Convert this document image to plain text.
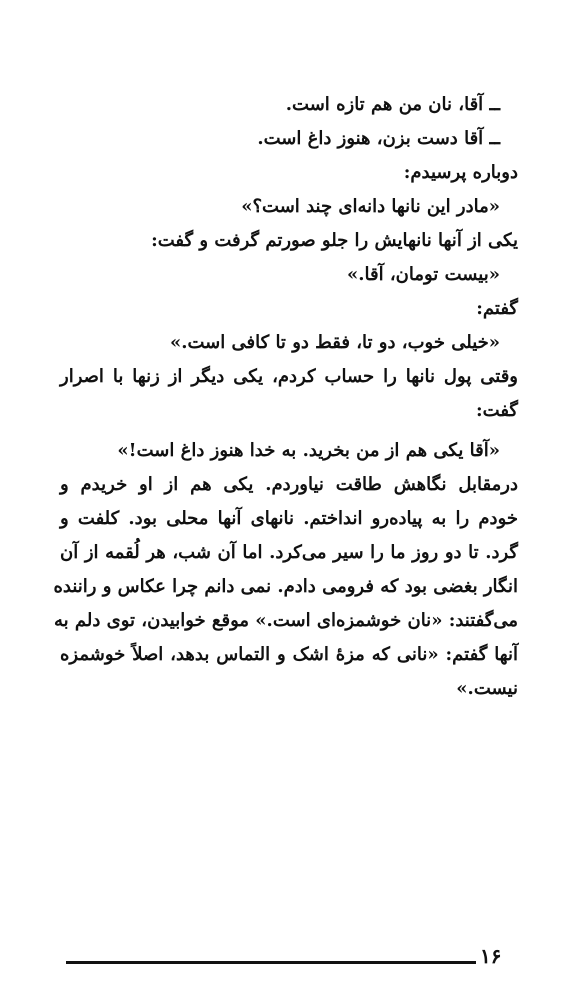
ــ آقا، نان من هم تازه است.
ــ آقا دست بزن، هنوز داغ است.
دوباره پرسیدم:
«مادر این نانها دانه‌ای چند است؟»
یکی از آنها نانهایش را جلو صورتم گرفت و گفت:
«بیست تومان، آقا.»
گفتم:
«خیلی خوب، دو تا، فقط دو تا کافی است.»
وقتی پول نانها را حساب کردم، یکی دیگر از زنها با اصرار
گفت:
«آقا یکی هم از من بخرید. به خدا هنوز داغ است!»
درمقابل نگاهش طاقت نیاوردم. یکی هم از او خریدم و
خودم را به پیاده‌رو انداختم. نانهای آنها محلی بود. کلفت و
گرد. تا دو روز ما را سیر می‌کرد. اما آن شب، هر لُقمه از آن
انگار بغضی بود که فرومی دادم. نمی دانم چرا عکاس و راننده
می‌گفتند: «نان خوشمزه‌ای است.» موقع خوابیدن، توی دلم به
آنها گفتم: «نانی که مزهٔ اشک و التماس بدهد، اصلاً خوشمزه
نیست.»
۱۶
